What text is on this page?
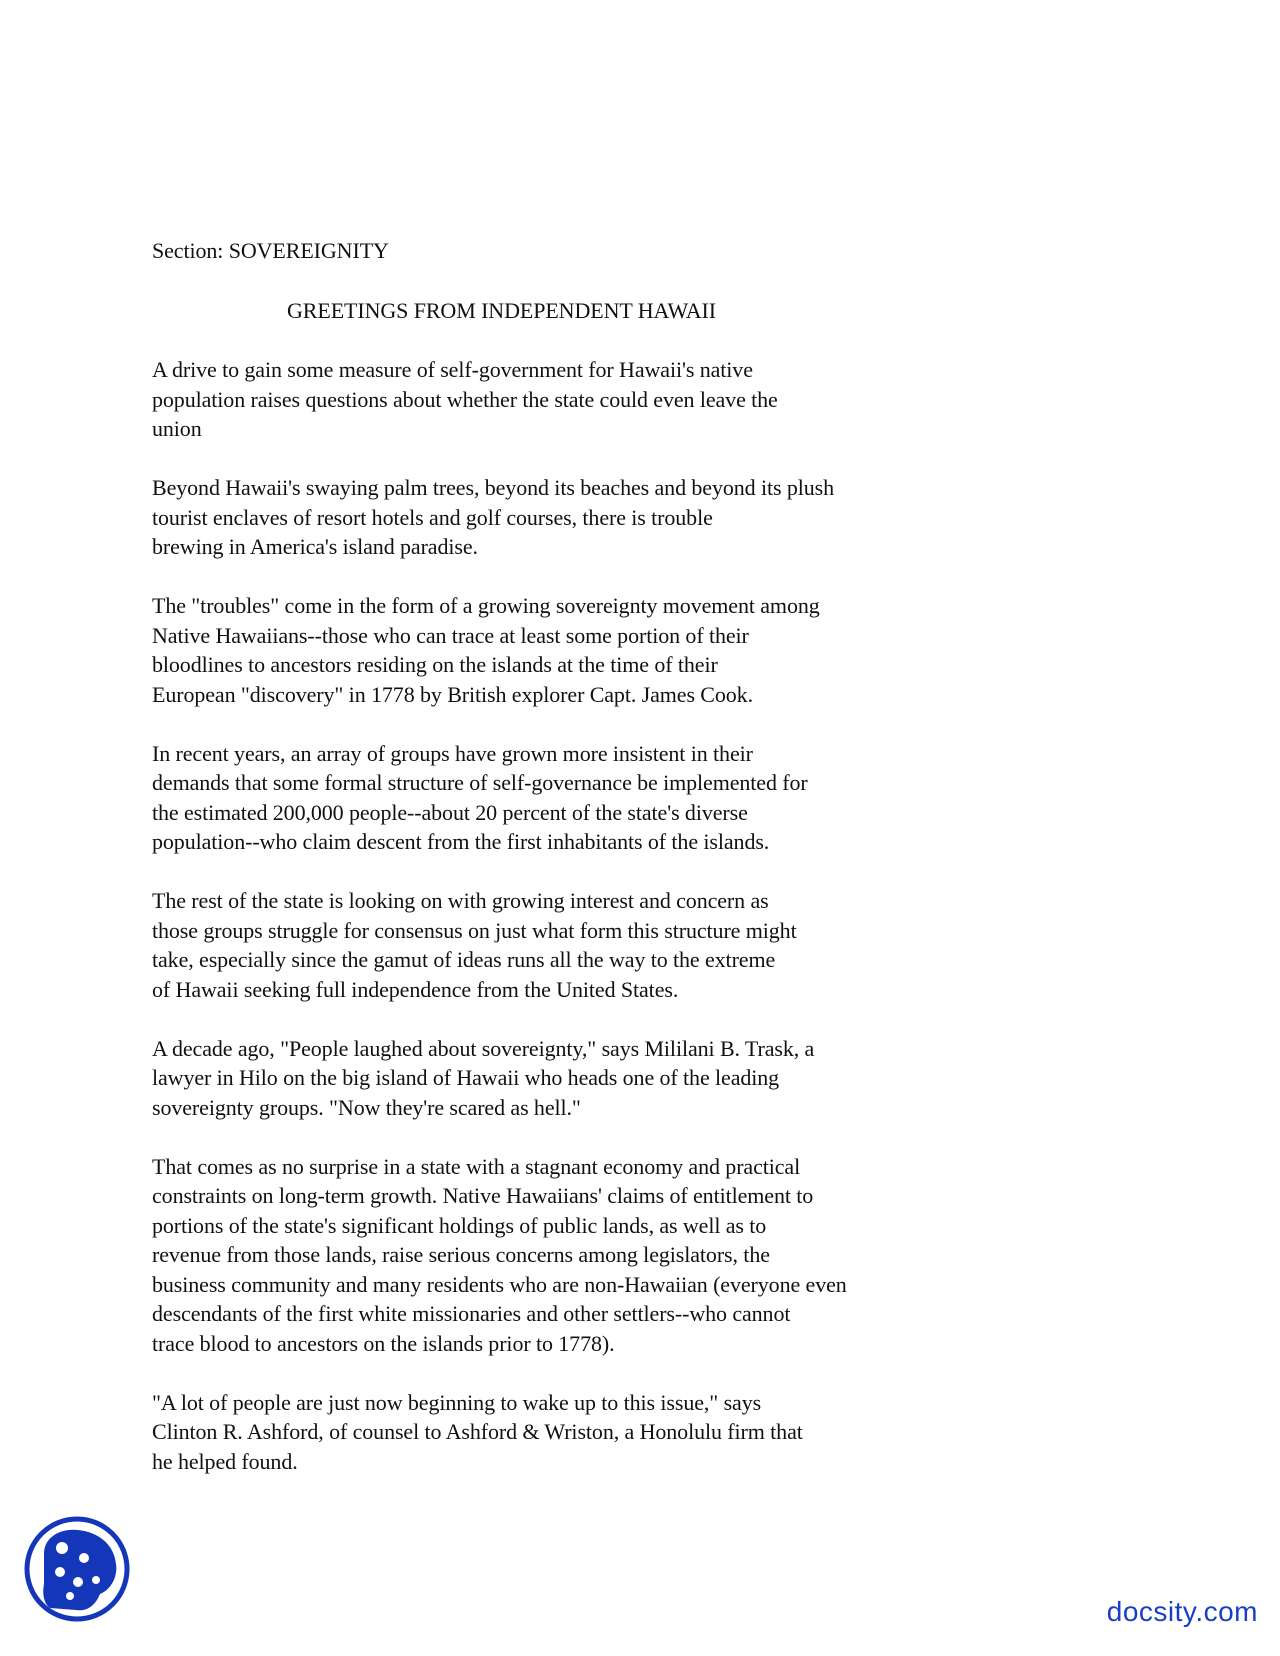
Section: SOVEREIGNITY
GREETINGS FROM INDEPENDENT HAWAII
A drive to gain some measure of self-government for Hawaii's native
population raises questions about whether the state could even leave the
union
Beyond Hawaii's swaying palm trees, beyond its beaches and beyond its plush
tourist enclaves of resort hotels and golf courses, there is trouble
brewing in America's island paradise.
The "troubles" come in the form of a growing sovereignty movement among
Native Hawaiians--those who can trace at least some portion of their
bloodlines to ancestors residing on the islands at the time of their
European "discovery" in 1778 by British explorer Capt. James Cook.
In recent years, an array of groups have grown more insistent in their
demands that some formal structure of self-governance be implemented for
the estimated 200,000 people--about 20 percent of the state's diverse
population--who claim descent from the first inhabitants of the islands.
The rest of the state is looking on with growing interest and concern as
those groups struggle for consensus on just what form this structure might
take, especially since the gamut of ideas runs all the way to the extreme
of Hawaii seeking full independence from the United States.
A decade ago, "People laughed about sovereignty," says Mililani B. Trask, a
lawyer in Hilo on the big island of Hawaii who heads one of the leading
sovereignty groups. "Now they're scared as hell."
That comes as no surprise in a state with a stagnant economy and practical
constraints on long-term growth. Native Hawaiians' claims of entitlement to
portions of the state's significant holdings of public lands, as well as to
revenue from those lands, raise serious concerns among legislators, the
business community and many residents who are non-Hawaiian (everyone even
descendants of the first white missionaries and other settlers--who cannot
trace blood to ancestors on the islands prior to 1778).
"A lot of people are just now beginning to wake up to this issue," says
Clinton R. Ashford, of counsel to Ashford & Wriston, a Honolulu firm that
he helped found.
docsity.com
